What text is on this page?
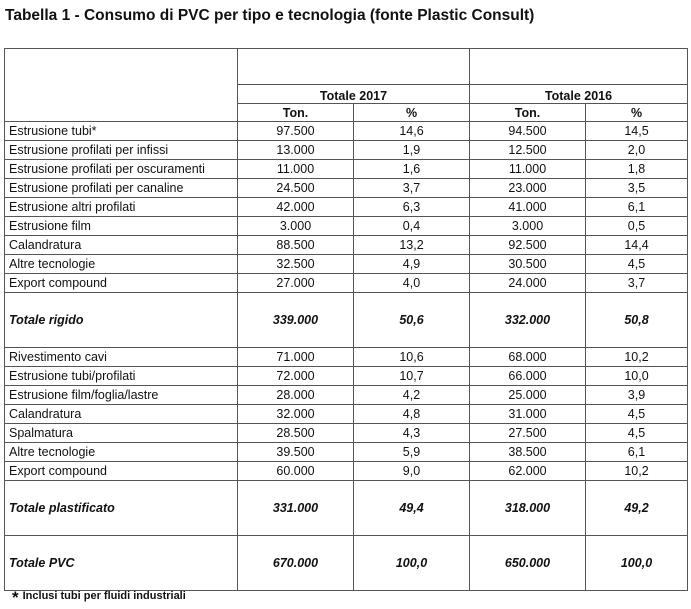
Tabella 1 - Consumo di PVC per tipo e tecnologia (fonte Plastic Consult)

	Totale 2017		Totale 2016	
	Ton.	%	Ton.	%
Estrusione tubi*	97.500	14,6	94.500	14,5
Estrusione profilati per infissi	13.000	1,9	12.500	2,0
Estrusione profilati per oscuramenti	11.000	1,6	11.000	1,8
Estrusione profilati per canaline	24.500	3,7	23.000	3,5
Estrusione altri profilati	42.000	6,3	41.000	6,1
Estrusione film	3.000	0,4	3.000	0,5
Calandratura	88.500	13,2	92.500	14,4
Altre tecnologie	32.500	4,9	30.500	4,5
Export compound	27.000	4,0	24.000	3,7
Totale rigido	339.000	50,6	332.000	50,8
Rivestimento cavi	71.000	10,6	68.000	10,2
Estrusione tubi/profilati	72.000	10,7	66.000	10,0
Estrusione film/foglia/lastre	28.000	4,2	25.000	3,9
Calandratura	32.000	4,8	31.000	4,5
Spalmatura	28.500	4,3	27.500	4,5
Altre tecnologie	39.500	5,9	38.500	6,1
Export compound	60.000	9,0	62.000	10,2
Totale plastificato	331.000	49,4	318.000	49,2
Totale PVC	670.000	100,0	650.000	100,0
* Inclusi tubi per fluidi industriali
